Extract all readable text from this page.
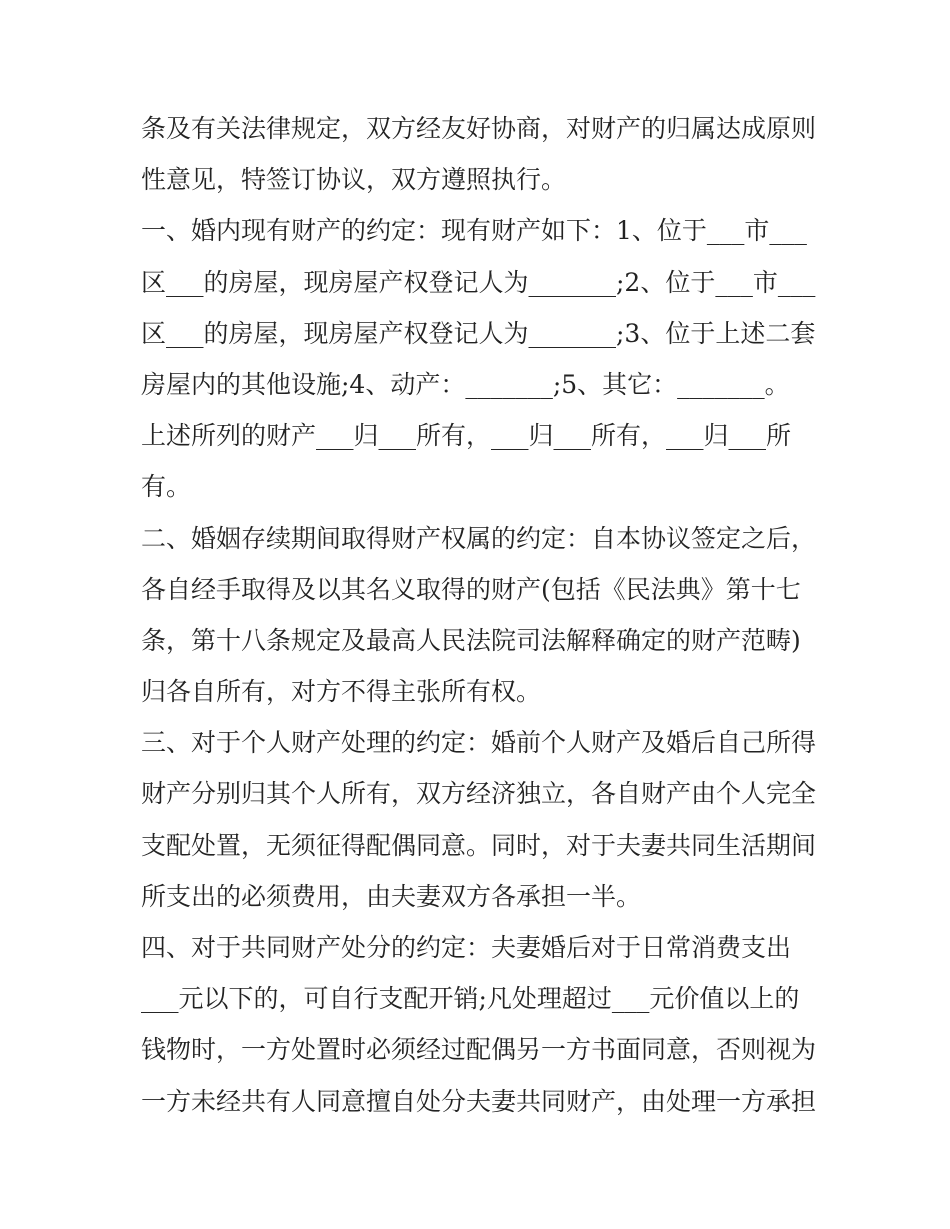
条及有关法律规定，双方经友好协商，对财产的归属达成原则
性意见，特签订协议，双方遵照执行。
一、婚内现有财产的约定：现有财产如下：1、位于___市___
区___的房屋，现房屋产权登记人为_______;2、位于___市___
区___的房屋，现房屋产权登记人为_______;3、位于上述二套
房屋内的其他设施;4、动产：_______;5、其它：_______。
上述所列的财产___归___所有，___归___所有，___归___所
有。
二、婚姻存续期间取得财产权属的约定：自本协议签定之后，
各自经手取得及以其名义取得的财产(包括《民法典》第十七
条，第十八条规定及最高人民法院司法解释确定的财产范畴)
归各自所有，对方不得主张所有权。
三、对于个人财产处理的约定：婚前个人财产及婚后自己所得
财产分别归其个人所有，双方经济独立，各自财产由个人完全
支配处置，无须征得配偶同意。同时，对于夫妻共同生活期间
所支出的必须费用，由夫妻双方各承担一半。
四、对于共同财产处分的约定：夫妻婚后对于日常消费支出
___元以下的，可自行支配开销;凡处理超过___元价值以上的
钱物时，一方处置时必须经过配偶另一方书面同意，否则视为
一方未经共有人同意擅自处分夫妻共同财产，由处理一方承担
